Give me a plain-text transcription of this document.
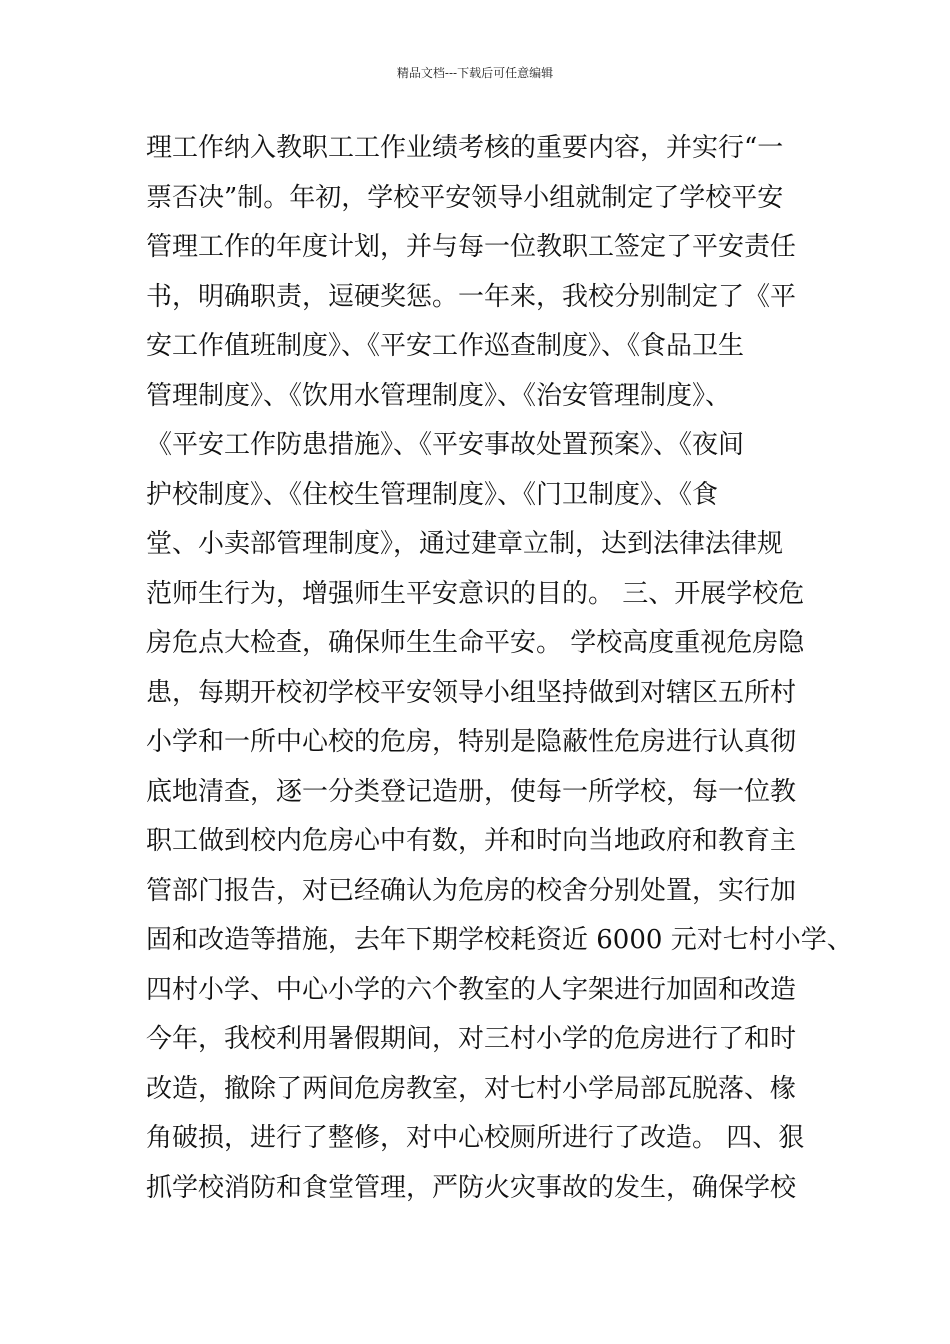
精品文档---下载后可任意编辑
理工作纳入教职工工作业绩考核的重要内容，并实行“一
票否决”制。年初，学校平安领导小组就制定了学校平安
管理工作的年度计划，并与每一位教职工签定了平安责任
书，明确职责，逗硬奖惩。一年来，我校分别制定了《平
安工作值班制度》、《平安工作巡查制度》、《食品卫生
管理制度》、《饮用水管理制度》、《治安管理制度》、
《平安工作防患措施》、《平安事故处置预案》、《夜间
护校制度》、《住校生管理制度》、《门卫制度》、《食
堂、小卖部管理制度》，通过建章立制，达到法律法律规
范师生行为，增强师生平安意识的目的。 三、开展学校危
房危点大检查，确保师生生命平安。 学校高度重视危房隐
患，每期开校初学校平安领导小组坚持做到对辖区五所村
小学和一所中心校的危房，特别是隐蔽性危房进行认真彻
底地清查，逐一分类登记造册，使每一所学校，每一位教
职工做到校内危房心中有数，并和时向当地政府和教育主
管部门报告，对已经确认为危房的校舍分别处置，实行加
固和改造等措施，去年下期学校耗资近 6000 元对七村小学、
四村小学、中心小学的六个教室的人字架进行加固和改造
今年，我校利用暑假期间，对三村小学的危房进行了和时
改造，撤除了两间危房教室，对七村小学局部瓦脱落、椽
角破损，进行了整修，对中心校厕所进行了改造。 四、狠
抓学校消防和食堂管理，严防火灾事故的发生，确保学校
